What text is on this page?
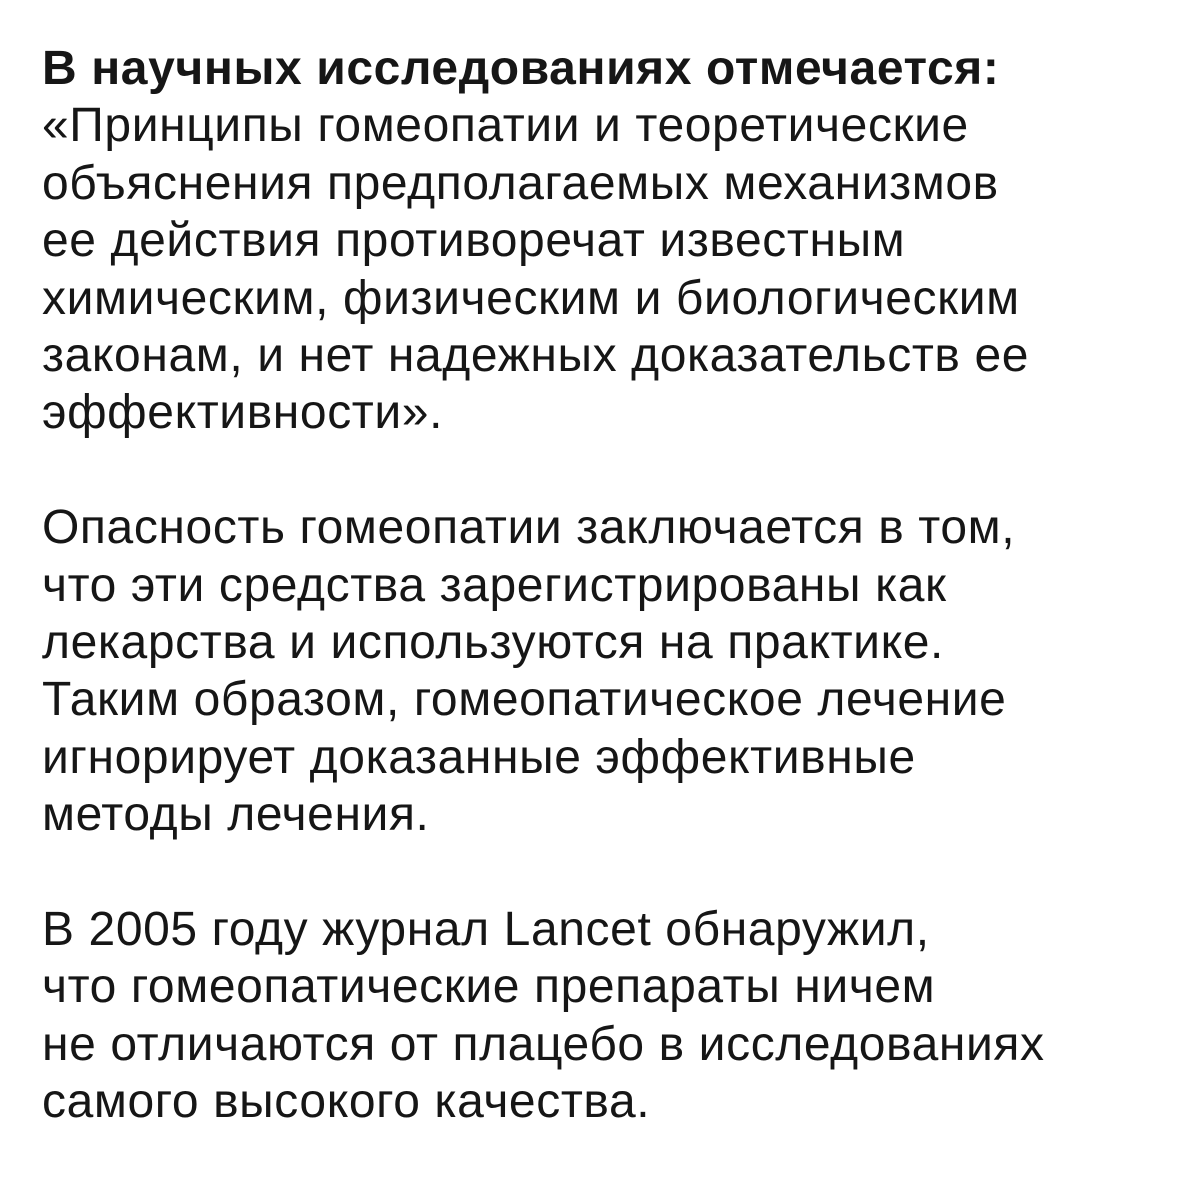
В научных исследованиях отмечается:
«Принципы гомеопатии и теоретические
объяснения предполагаемых механизмов
ее действия противоречат известным
химическим, физическим и биологическим
законам, и нет надежных доказательств ее
эффективности».
Опасность гомеопатии заключается в том,
что эти средства зарегистрированы как
лекарства и используются на практике.
Таким образом, гомеопатическое лечение
игнорирует доказанные эффективные
методы лечения.
В 2005 году журнал Lancet обнаружил,
что гомеопатические препараты ничем
не отличаются от плацебо в исследованиях
самого высокого качества.
